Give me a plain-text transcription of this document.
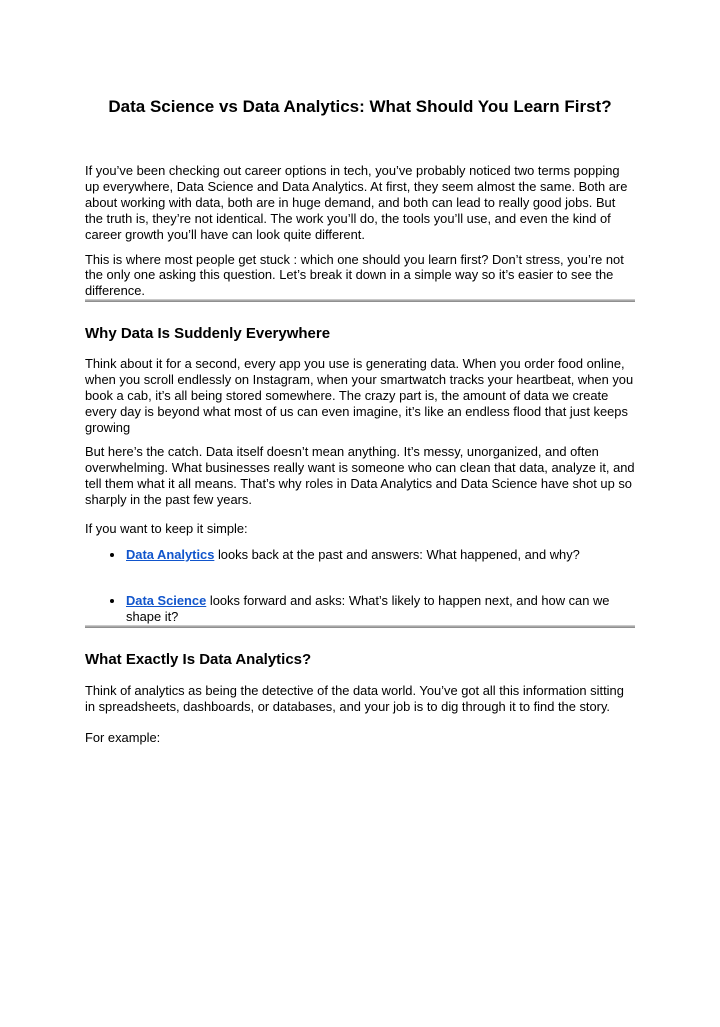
Data Science vs Data Analytics: What Should You Learn First?

If you’ve been checking out career options in tech, you’ve probably noticed two terms popping up everywhere, Data Science and Data Analytics. At first, they seem almost the same. Both are about working with data, both are in huge demand, and both can lead to really good jobs. But the truth is, they’re not identical. The work you’ll do, the tools you’ll use, and even the kind of career growth you’ll have can look quite different.

This is where most people get stuck : which one should you learn first? Don’t stress, you’re not the only one asking this question. Let’s break it down in a simple way so it’s easier to see the difference.

Why Data Is Suddenly Everywhere

Think about it for a second, every app you use is generating data. When you order food online, when you scroll endlessly on Instagram, when your smartwatch tracks your heartbeat, when you book a cab, it’s all being stored somewhere. The crazy part is, the amount of data we create every day is beyond what most of us can even imagine, it’s like an endless flood that just keeps growing

But here’s the catch. Data itself doesn’t mean anything. It’s messy, unorganized, and often overwhelming. What businesses really want is someone who can clean that data, analyze it, and tell them what it all means. That’s why roles in Data Analytics and Data Science have shot up so sharply in the past few years.

If you want to keep it simple:

• Data Analytics looks back at the past and answers: What happened, and why?
• Data Science looks forward and asks: What’s likely to happen next, and how can we shape it?
What Exactly Is Data Analytics?

Think of analytics as being the detective of the data world. You’ve got all this information sitting in spreadsheets, dashboards, or databases, and your job is to dig through it to find the story.

For example:
